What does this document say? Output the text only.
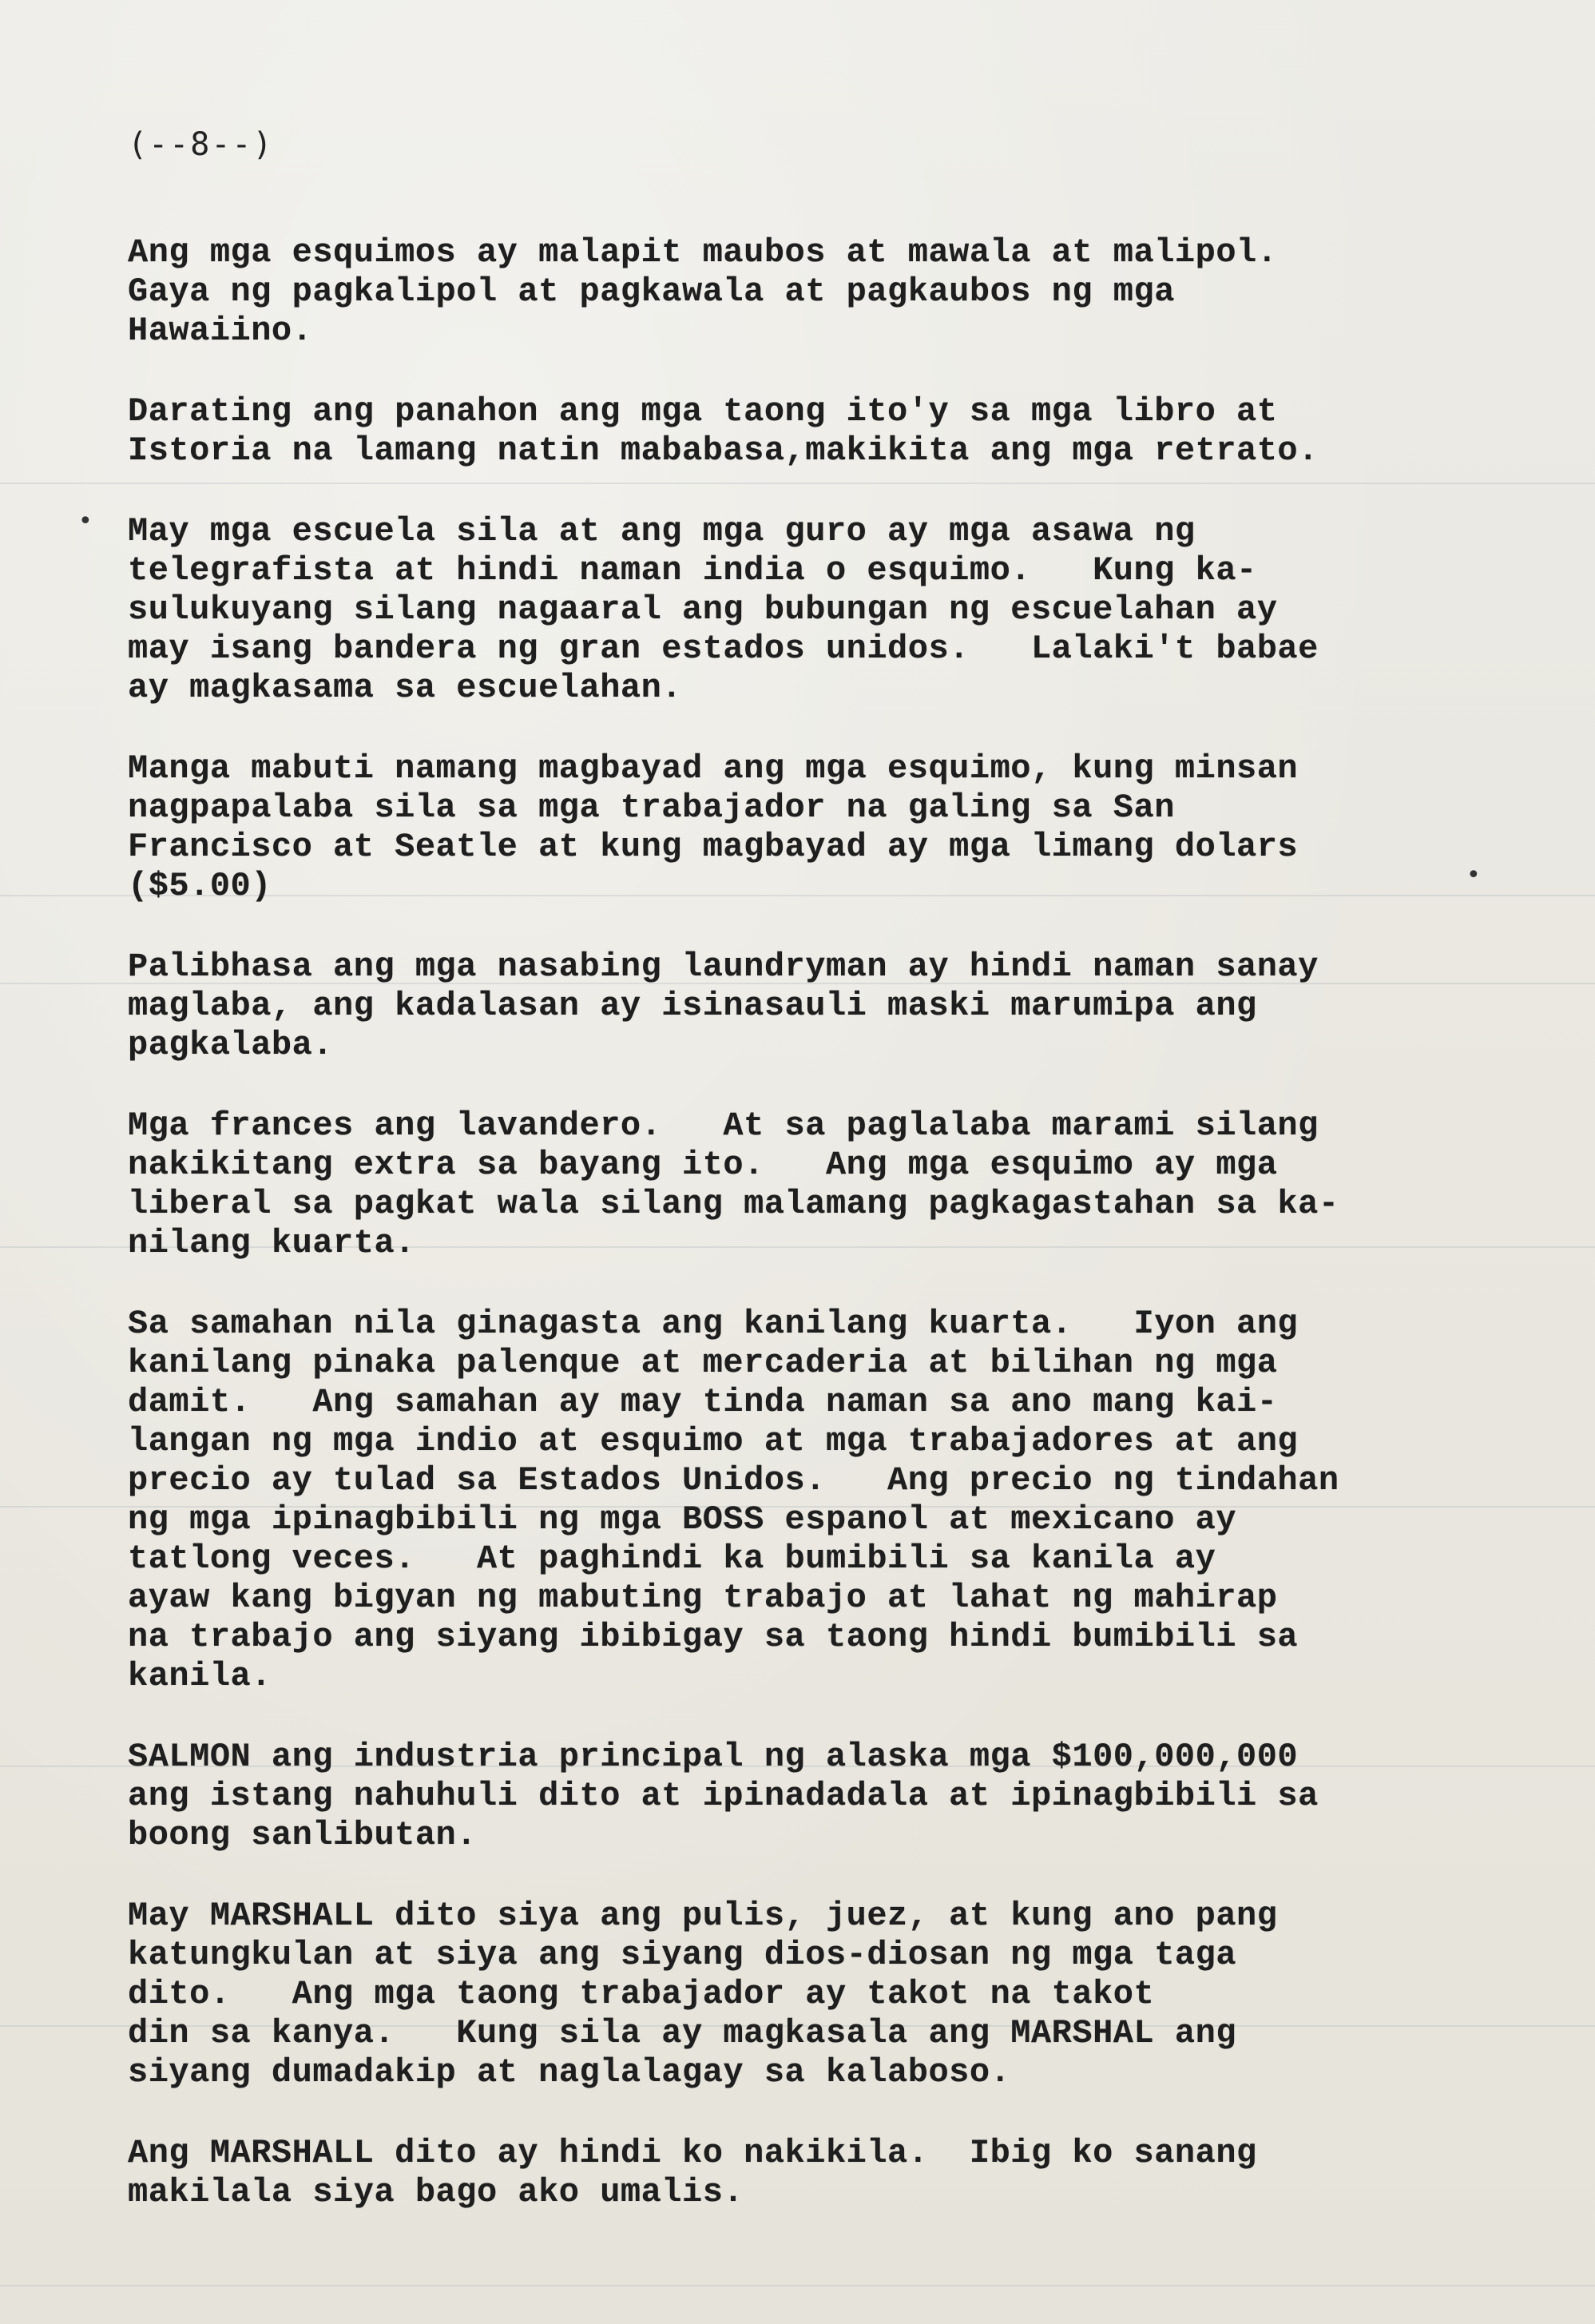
•
•
(--8--)
Ang mga esquimos ay malapit maubos at mawala at malipol.
Gaya ng pagkalipol at pagkawala at pagkaubos ng mga
Hawaiino.
Darating ang panahon ang mga taong ito'y sa mga libro at
Istoria na lamang natin mababasa,makikita ang mga retrato.
May mga escuela sila at ang mga guro ay mga asawa ng
telegrafista at hindi naman india o esquimo.   Kung ka-
sulukuyang silang nagaaral ang bubungan ng escuelahan ay
may isang bandera ng gran estados unidos.   Lalaki't babae
ay magkasama sa escuelahan.
Manga mabuti namang magbayad ang mga esquimo, kung minsan
nagpapalaba sila sa mga trabajador na galing sa San
Francisco at Seatle at kung magbayad ay mga limang dolars
($5.00)
Palibhasa ang mga nasabing laundryman ay hindi naman sanay
maglaba, ang kadalasan ay isinasauli maski marumipa ang
pagkalaba.
Mga frances ang lavandero.   At sa paglalaba marami silang
nakikitang extra sa bayang ito.   Ang mga esquimo ay mga
liberal sa pagkat wala silang malamang pagkagastahan sa ka-
nilang kuarta.
Sa samahan nila ginagasta ang kanilang kuarta.   Iyon ang
kanilang pinaka palenque at mercaderia at bilihan ng mga
damit.   Ang samahan ay may tinda naman sa ano mang kai-
langan ng mga indio at esquimo at mga trabajadores at ang
precio ay tulad sa Estados Unidos.   Ang precio ng tindahan
ng mga ipinagbibili ng mga BOSS espanol at mexicano ay
tatlong veces.   At paghindi ka bumibili sa kanila ay
ayaw kang bigyan ng mabuting trabajo at lahat ng mahirap
na trabajo ang siyang ibibigay sa taong hindi bumibili sa
kanila.
SALMON ang industria principal ng alaska mga $100,000,000
ang istang nahuhuli dito at ipinadadala at ipinagbibili sa
boong sanlibutan.
May MARSHALL dito siya ang pulis, juez, at kung ano pang
katungkulan at siya ang siyang dios-diosan ng mga taga
dito.   Ang mga taong trabajador ay takot na takot
din sa kanya.   Kung sila ay magkasala ang MARSHAL ang
siyang dumadakip at naglalagay sa kalaboso.
Ang MARSHALL dito ay hindi ko nakikila.  Ibig ko sanang
makilala siya bago ako umalis.
